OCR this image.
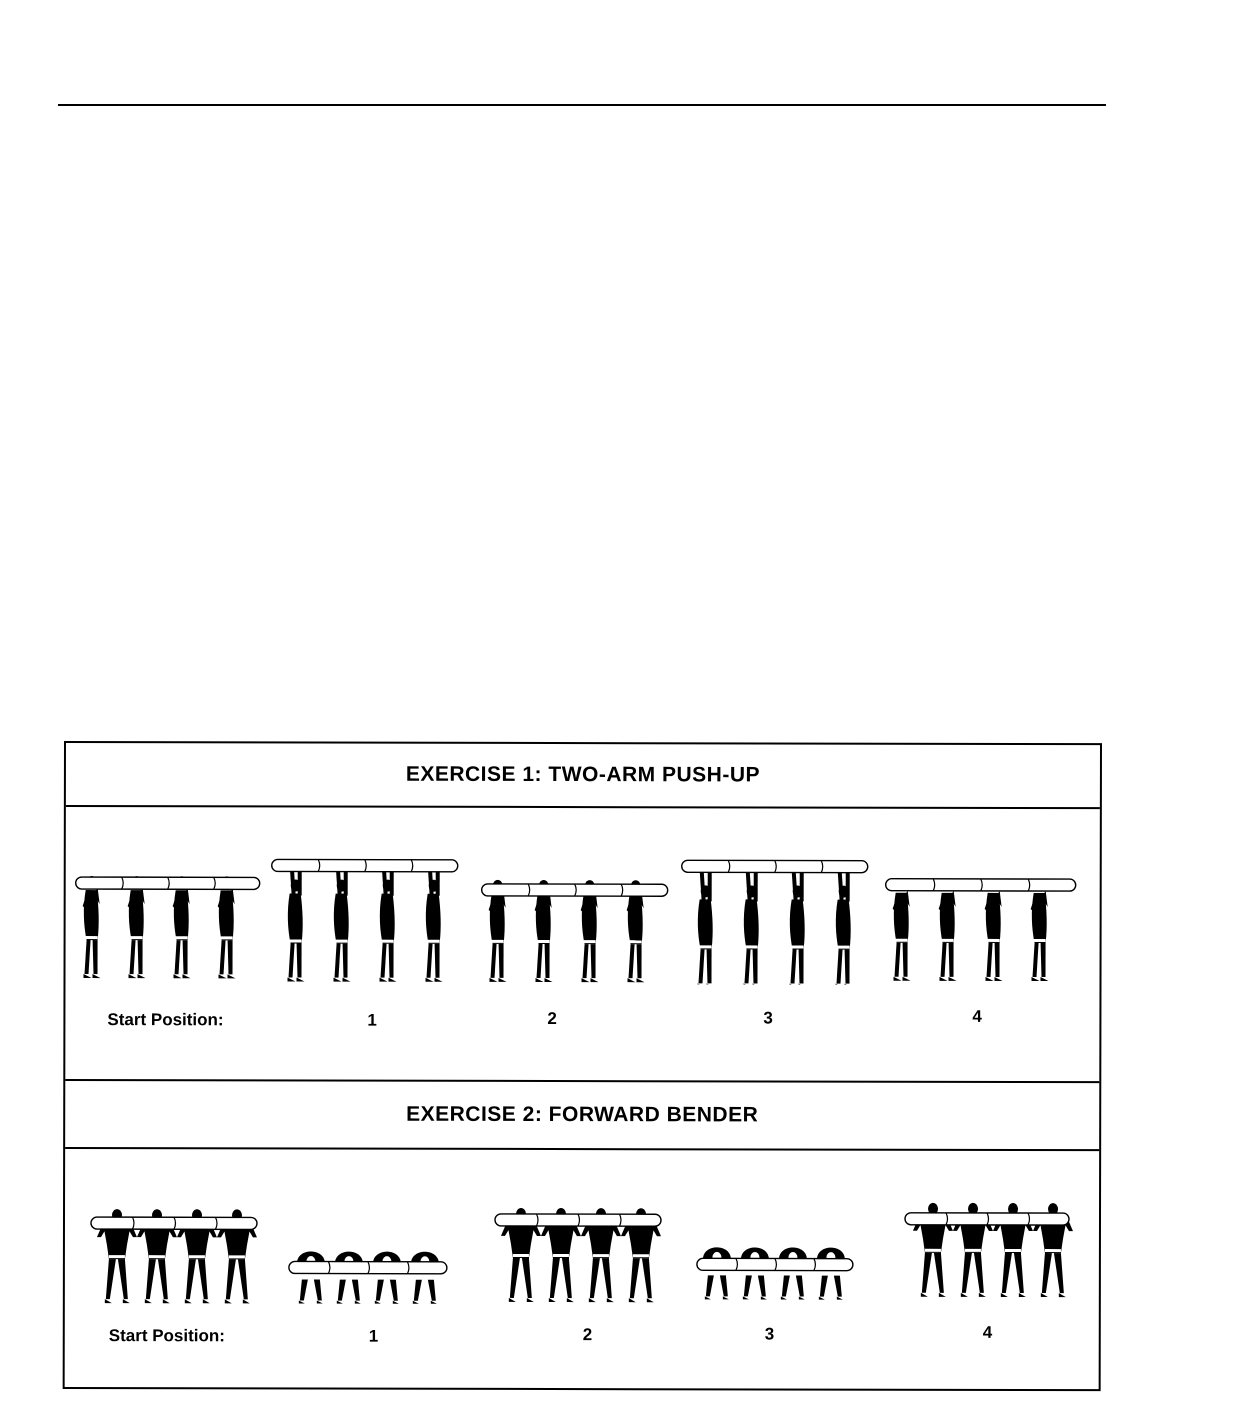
EXERCISE 1: TWO-ARM PUSH-UP
Start Position:	1	2	3	4
EXERCISE 2: FORWARD BENDER
Start Position:	1	2	3	4
